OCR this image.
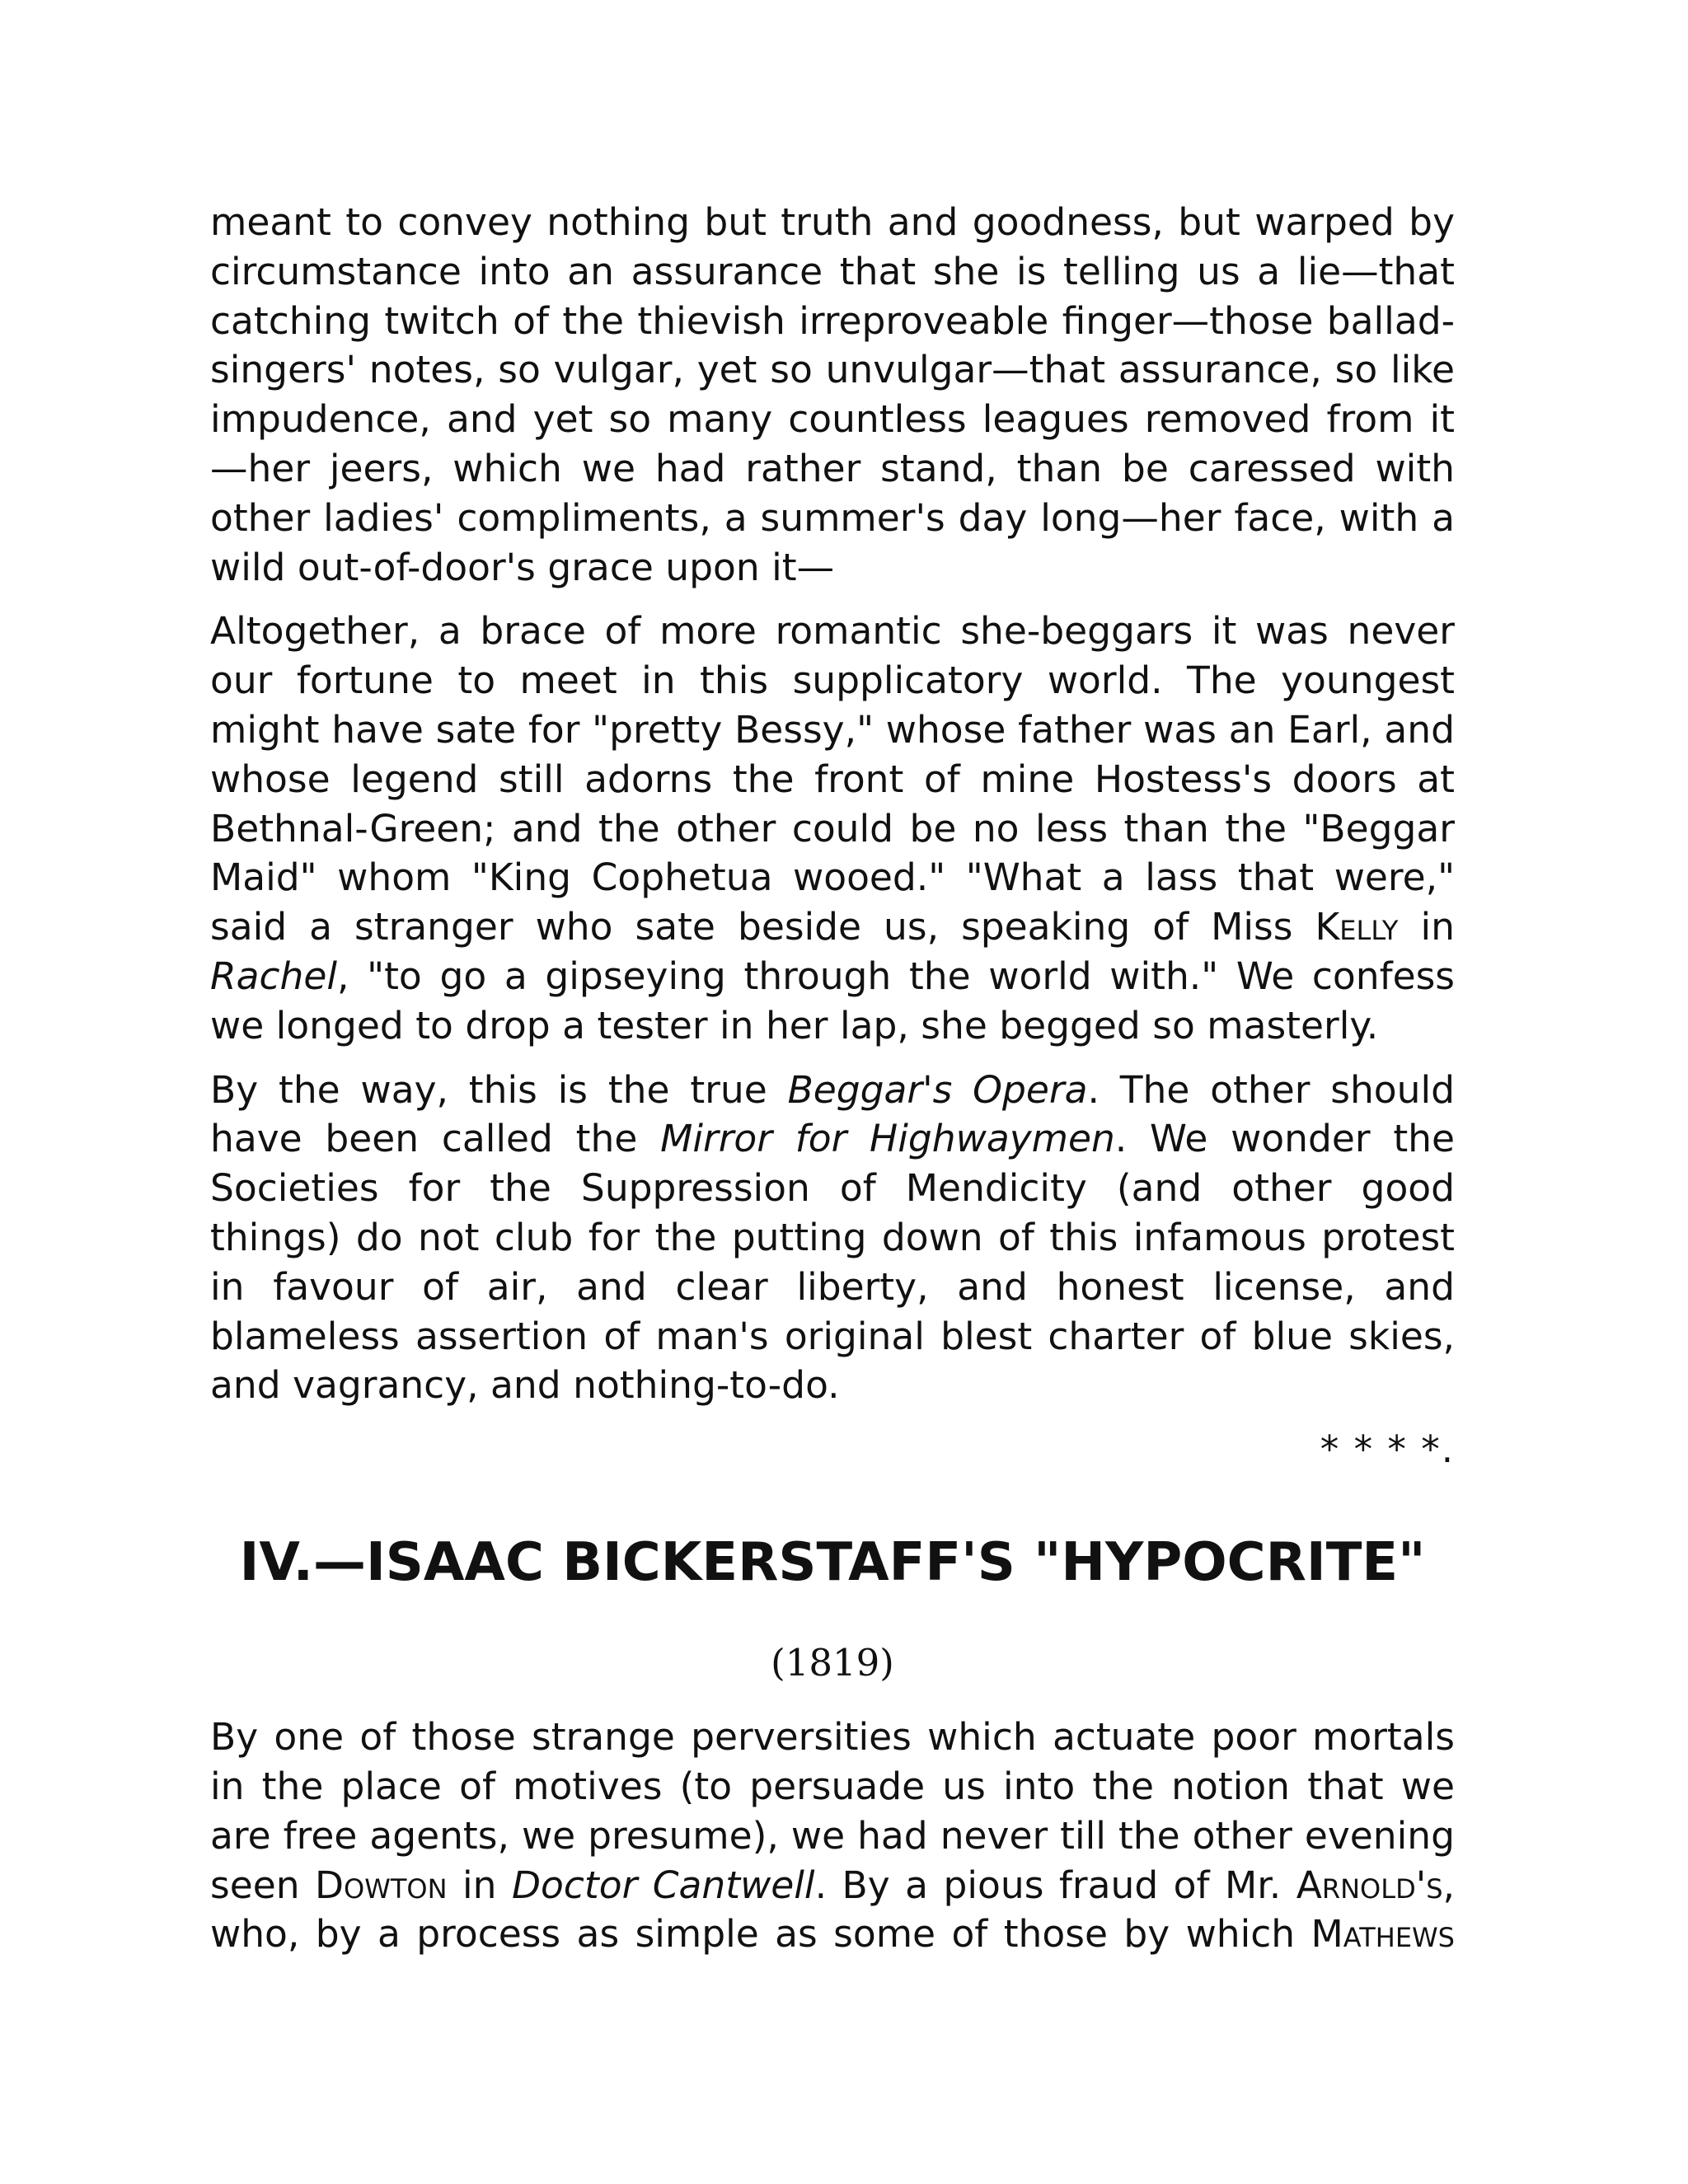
meant to convey nothing but truth and goodness, but warped by circumstance into an assurance that she is telling us a lie—that catching twitch of the thievish irreproveable finger—those ballad-singers' notes, so vulgar, yet so unvulgar—that assurance, so like impudence, and yet so many countless leagues removed from it—her jeers, which we had rather stand, than be caressed with other ladies' compliments, a summer's day long—her face, with a wild out-of-door's grace upon it—

Altogether, a brace of more romantic she-beggars it was never our fortune to meet in this supplicatory world. The youngest might have sate for "pretty Bessy," whose father was an Earl, and whose legend still adorns the front of mine Hostess's doors at Bethnal-Green; and the other could be no less than the "Beggar Maid" whom "King Cophetua wooed." "What a lass that were," said a stranger who sate beside us, speaking of Miss Kelly in Rachel, "to go a gipseying through the world with." We confess we longed to drop a tester in her lap, she begged so masterly.

By the way, this is the true Beggar's Opera. The other should have been called the Mirror for Highwaymen. We wonder the Societies for the Suppression of Mendicity (and other good things) do not club for the putting down of this infamous protest in favour of air, and clear liberty, and honest license, and blameless assertion of man's original blest charter of blue skies, and vagrancy, and nothing-to-do.

* * * *.
IV.—ISAAC BICKERSTAFF'S "HYPOCRITE"
(1819)

By one of those strange perversities which actuate poor mortals in the place of motives (to persuade us into the notion that we are free agents, we presume), we had never till the other evening seen Dowton in Doctor Cantwell. By a pious fraud of Mr. Arnold's, who, by a process as simple as some of those by which Mathews
